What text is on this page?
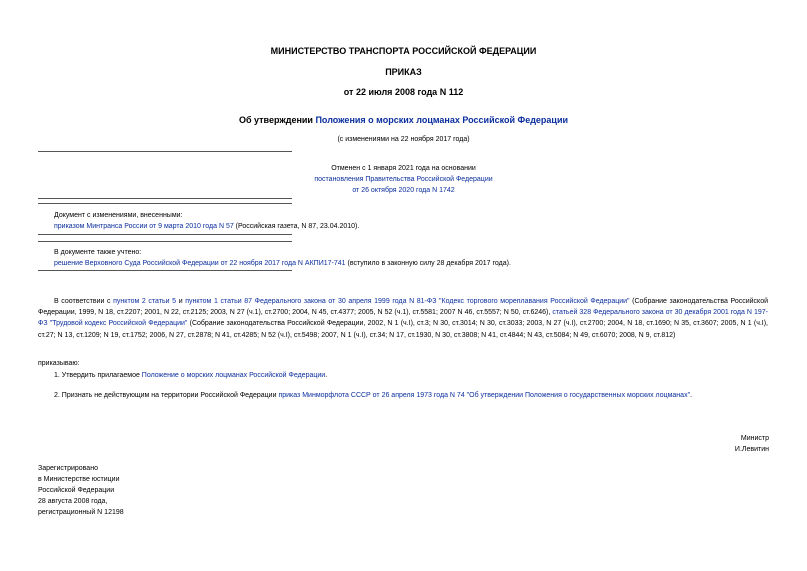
МИНИСТЕРСТВО ТРАНСПОРТА РОССИЙСКОЙ ФЕДЕРАЦИИ
ПРИКАЗ
от 22 июля 2008 года N 112
Об утверждении Положения о морских лоцманах Российской Федерации
(с изменениями на 22 ноября 2017 года)
Отменен с 1 января 2021 года на основании
постановления Правительства Российской Федерации
от 26 октября 2020 года N 1742
Документ с изменениями, внесенными:
приказом Минтранса России от 9 марта 2010 года N 57 (Российская газета, N 87, 23.04.2010).
В документе также учтено:
решение Верховного Суда Российской Федерации от 22 ноября 2017 года N АКПИ17-741 (вступило в законную силу 28 декабря 2017 года).

В соответствии с пунктом 2 статьи 5 и пунктом 1 статьи 87 Федерального закона от 30 апреля 1999 года N 81-ФЗ "Кодекс торгового мореплавания Российской Федерации" (Собрание законодательства Российской Федерации, 1999, N 18, ст.2207; 2001, N 22, ст.2125; 2003, N 27 (ч.1), ст.2700; 2004, N 45, ст.4377; 2005, N 52 (ч.1), ст.5581; 2007 N 46, ст.5557; N 50, ст.6246), статьей 328 Федерального закона от 30 декабря 2001 года N 197-ФЗ "Трудовой кодекс Российской Федерации" (Собрание законодательства Российской Федерации, 2002, N 1 (ч.I), ст.3; N 30, ст.3014; N 30, ст.3033; 2003, N 27 (ч.I), ст.2700; 2004, N 18, ст.1690; N 35, ст.3607; 2005, N 1 (ч.I), ст.27; N 13, ст.1209; N 19, ст.1752; 2006, N 27, ст.2878; N 41, ст.4285; N 52 (ч.I), ст.5498; 2007, N 1 (ч.I), ст.34; N 17, ст.1930, N 30, ст.3808; N 41, ст.4844; N 43, ст.5084; N 49, ст.6070; 2008, N 9, ст.812)

приказываю:
1. Утвердить прилагаемое Положение о морских лоцманах Российской Федерации.
2. Признать не действующим на территории Российской Федерации приказ Минморфлота СССР от 26 апреля 1973 года N 74 "Об утверждении Положения о государственных морских лоцманах".
Министр
И.Левитин
Зарегистрировано
в Министерстве юстиции
Российской Федерации
28 августа 2008 года,
регистрационный N 12198
